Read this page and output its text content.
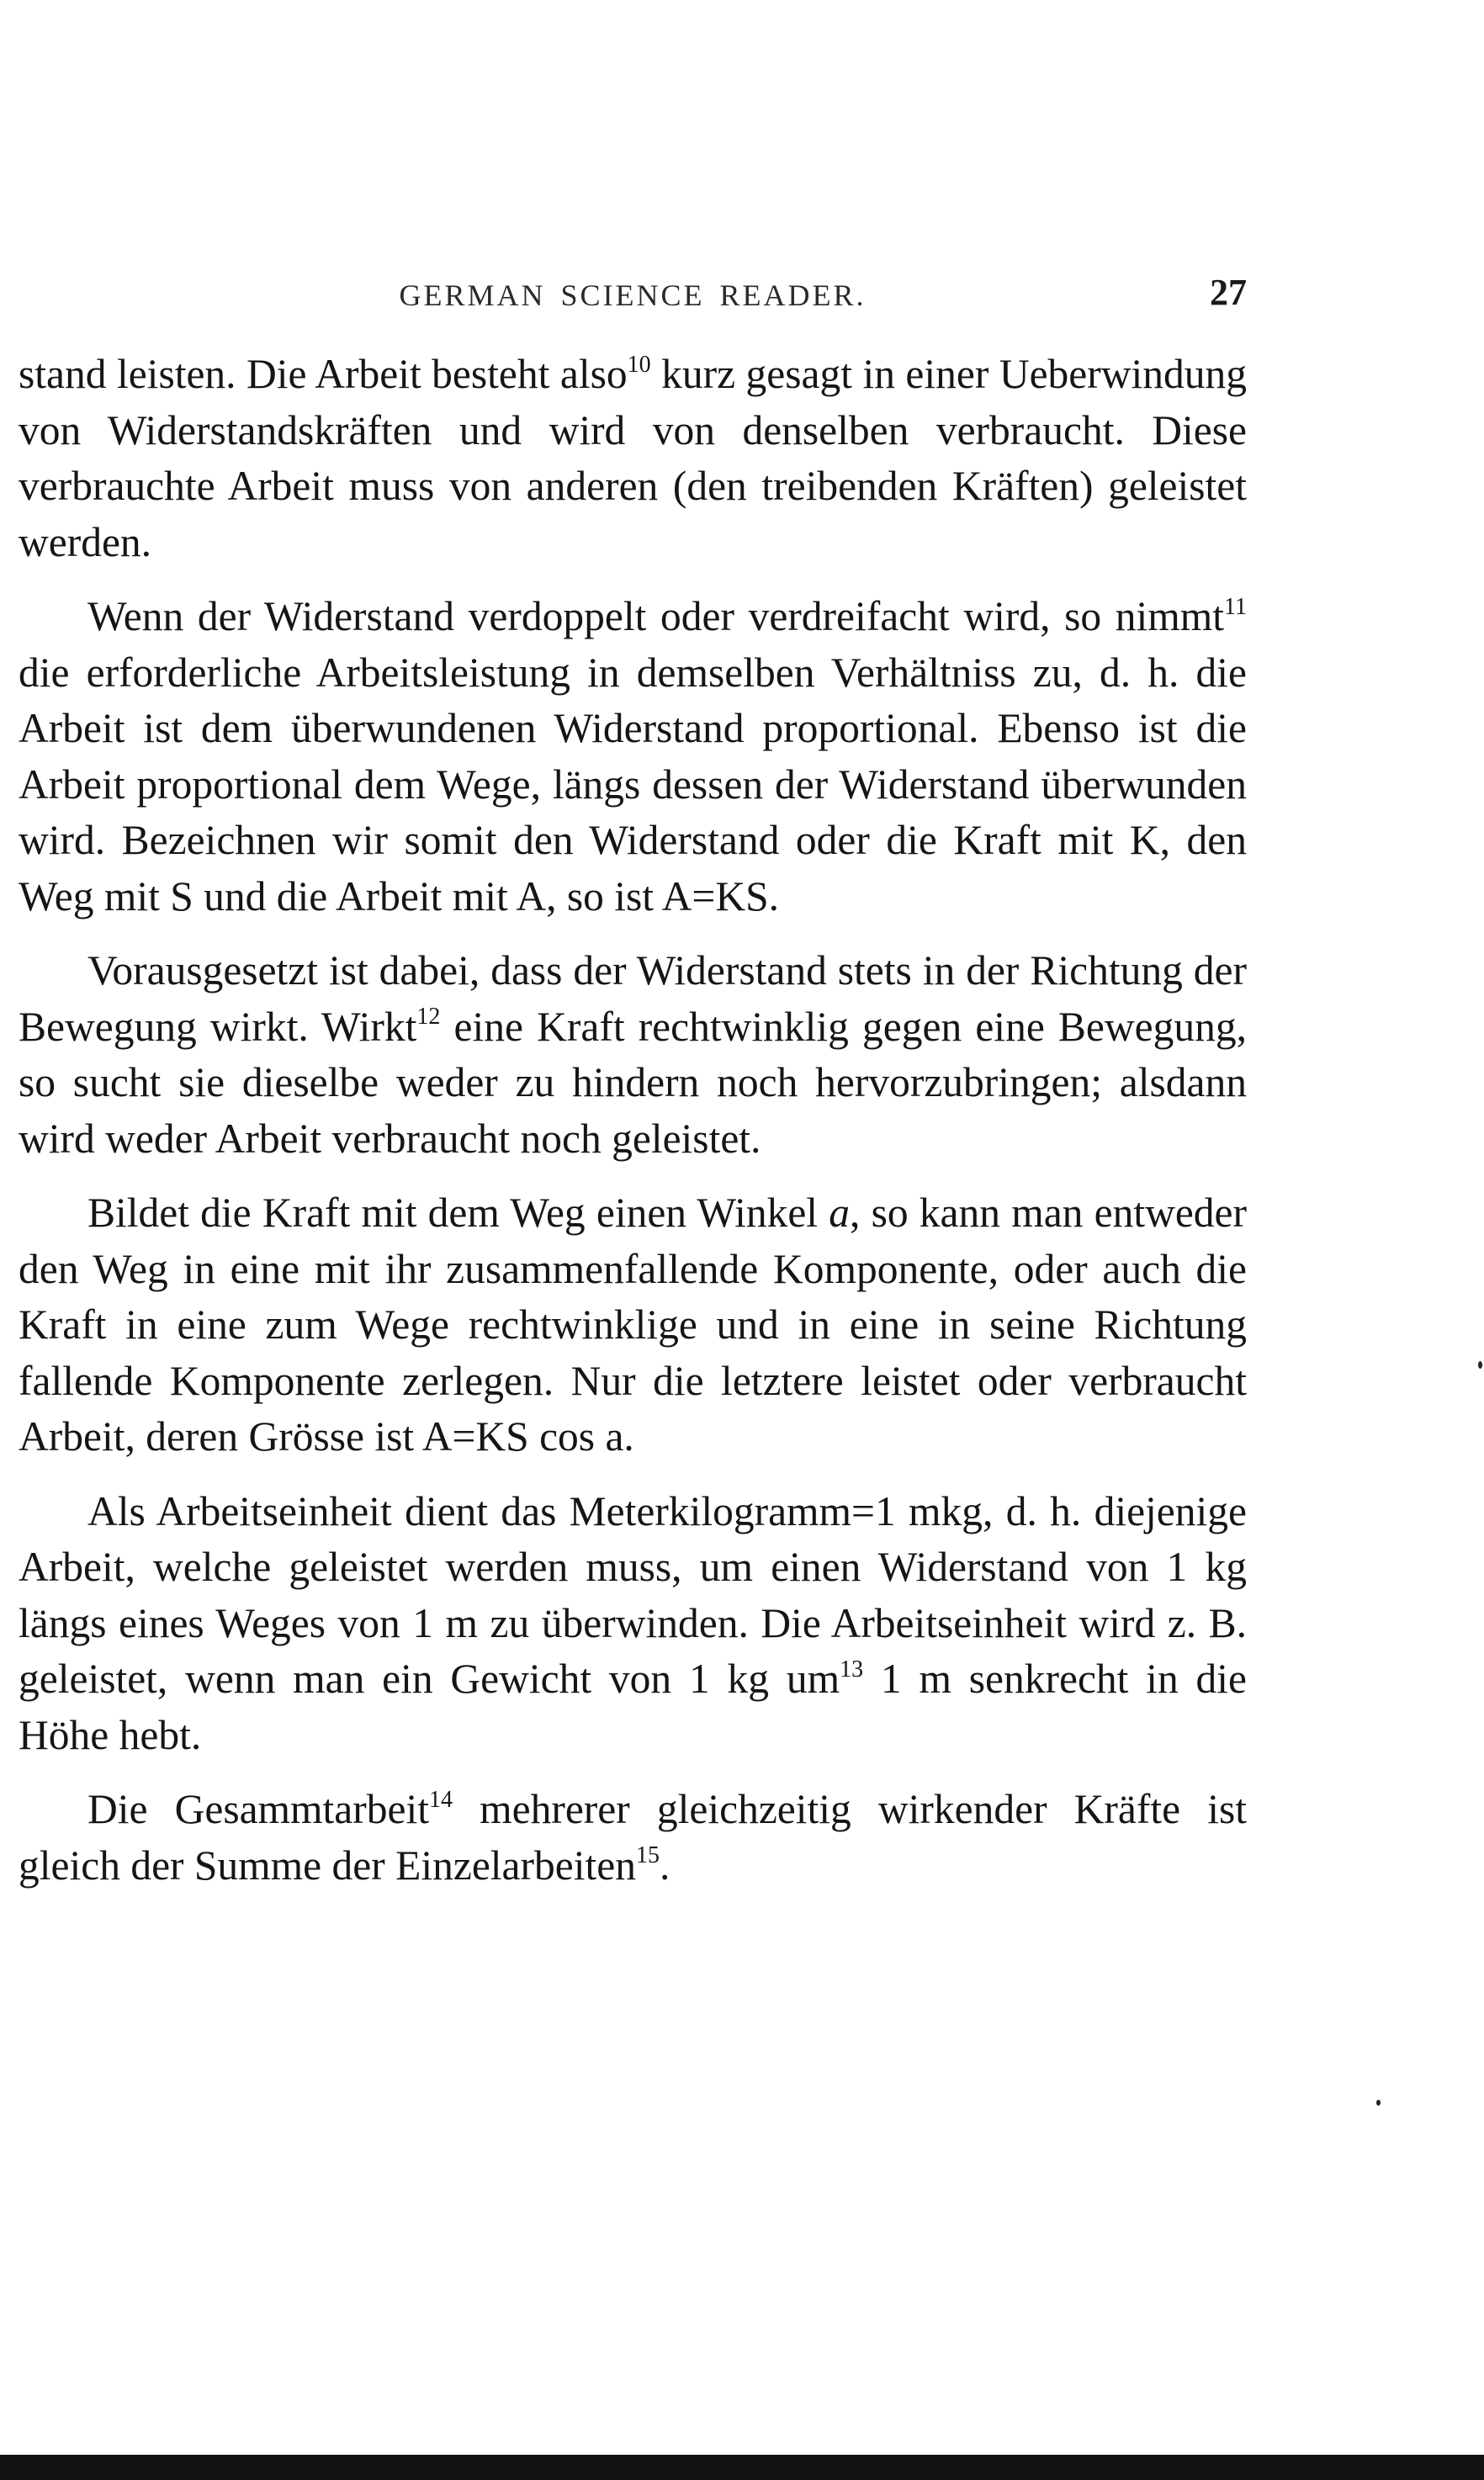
GERMAN SCIENCE READER.	27

stand leisten. Die Arbeit besteht also$^{10}$ kurz gesagt in einer Ueberwindung von Widerstandskräften und wird von denselben verbraucht. Diese verbrauchte Arbeit muss von anderen (den treibenden Kräften) geleistet werden.

Wenn der Widerstand verdoppelt oder verdreifacht wird, so nimmt$^{11}$ die erforderliche Arbeitsleistung in demselben Verhältniss zu, d. h. die Arbeit ist dem überwundenen Widerstand proportional. Ebenso ist die Arbeit proportional dem Wege, längs dessen der Widerstand überwunden wird. Bezeichnen wir somit den Widerstand oder die Kraft mit K, den Weg mit S und die Arbeit mit A, so ist A=KS.

Vorausgesetzt ist dabei, dass der Widerstand stets in der Richtung der Bewegung wirkt. Wirkt$^{12}$ eine Kraft rechtwinklig gegen eine Bewegung, so sucht sie dieselbe weder zu hindern noch hervorzubringen; alsdann wird weder Arbeit verbraucht noch geleistet.

Bildet die Kraft mit dem Weg einen Winkel a, so kann man entweder den Weg in eine mit ihr zusammenfallende Komponente, oder auch die Kraft in eine zum Wege rechtwinklige und in eine in seine Richtung fallende Komponente zerlegen. Nur die letztere leistet oder verbraucht Arbeit, deren Grösse ist A=KS cos a.

Als Arbeitseinheit dient das Meterkilogramm=1 mkg, d. h. diejenige Arbeit, welche geleistet werden muss, um einen Widerstand von 1 kg längs eines Weges von 1 m zu überwinden. Die Arbeitseinheit wird z. B. geleistet, wenn man ein Gewicht von 1 kg $um^{13}$ 1 m senkrecht in die Höhe hebt.

Die Gesammtarbeit$^{14}$ mehrerer gleichzeitig wirkender Kräfte ist gleich der Summe der Einzelarbeiten$^{15}$.
